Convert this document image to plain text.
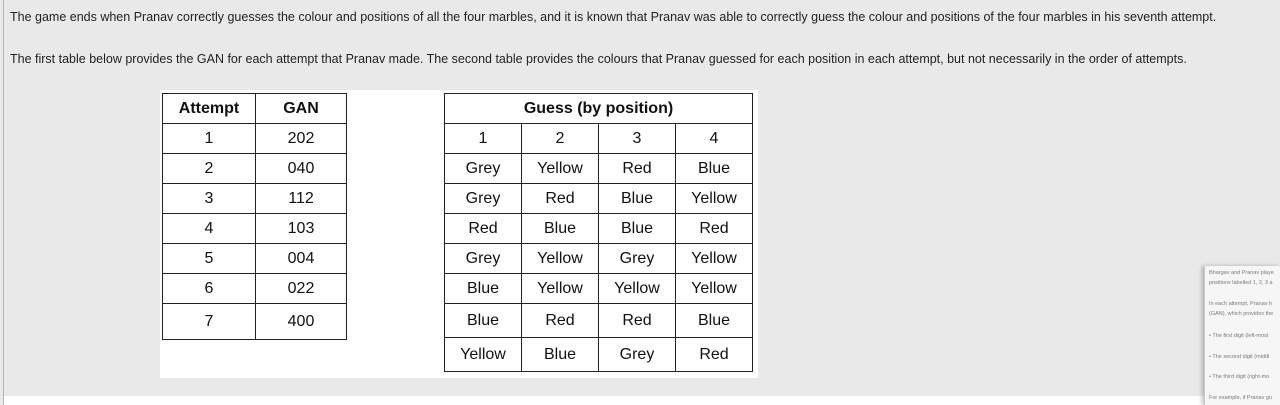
The game ends when Pranav correctly guesses the colour and positions of all the four marbles, and it is known that Pranav was able to correctly guess the colour and positions of the four marbles in his seventh attempt.
The first table below provides the GAN for each attempt that Pranav made. The second table provides the colours that Pranav guessed for each position in each attempt, but not necessarily in the order of attempts.
Attempt	GAN
1	202
2	040
3	112
4	103
5	004
6	022
7	400
Guess (by position)			
1	2	3	4
Grey	Yellow	Red	Blue
Grey	Red	Blue	Yellow
Red	Blue	Blue	Red
Grey	Yellow	Grey	Yellow
Blue	Yellow	Yellow	Yellow
Blue	Red	Red	Blue
Yellow	Blue	Grey	Red
Bhargav and Pranav playe
positions labelled 1, 2, 3 a
In each attempt, Pranav h
(GAN), which provides the
• The first digit (left-most
• The second digit (middl
• The third digit (right-mo
For example, if Pranav gu
